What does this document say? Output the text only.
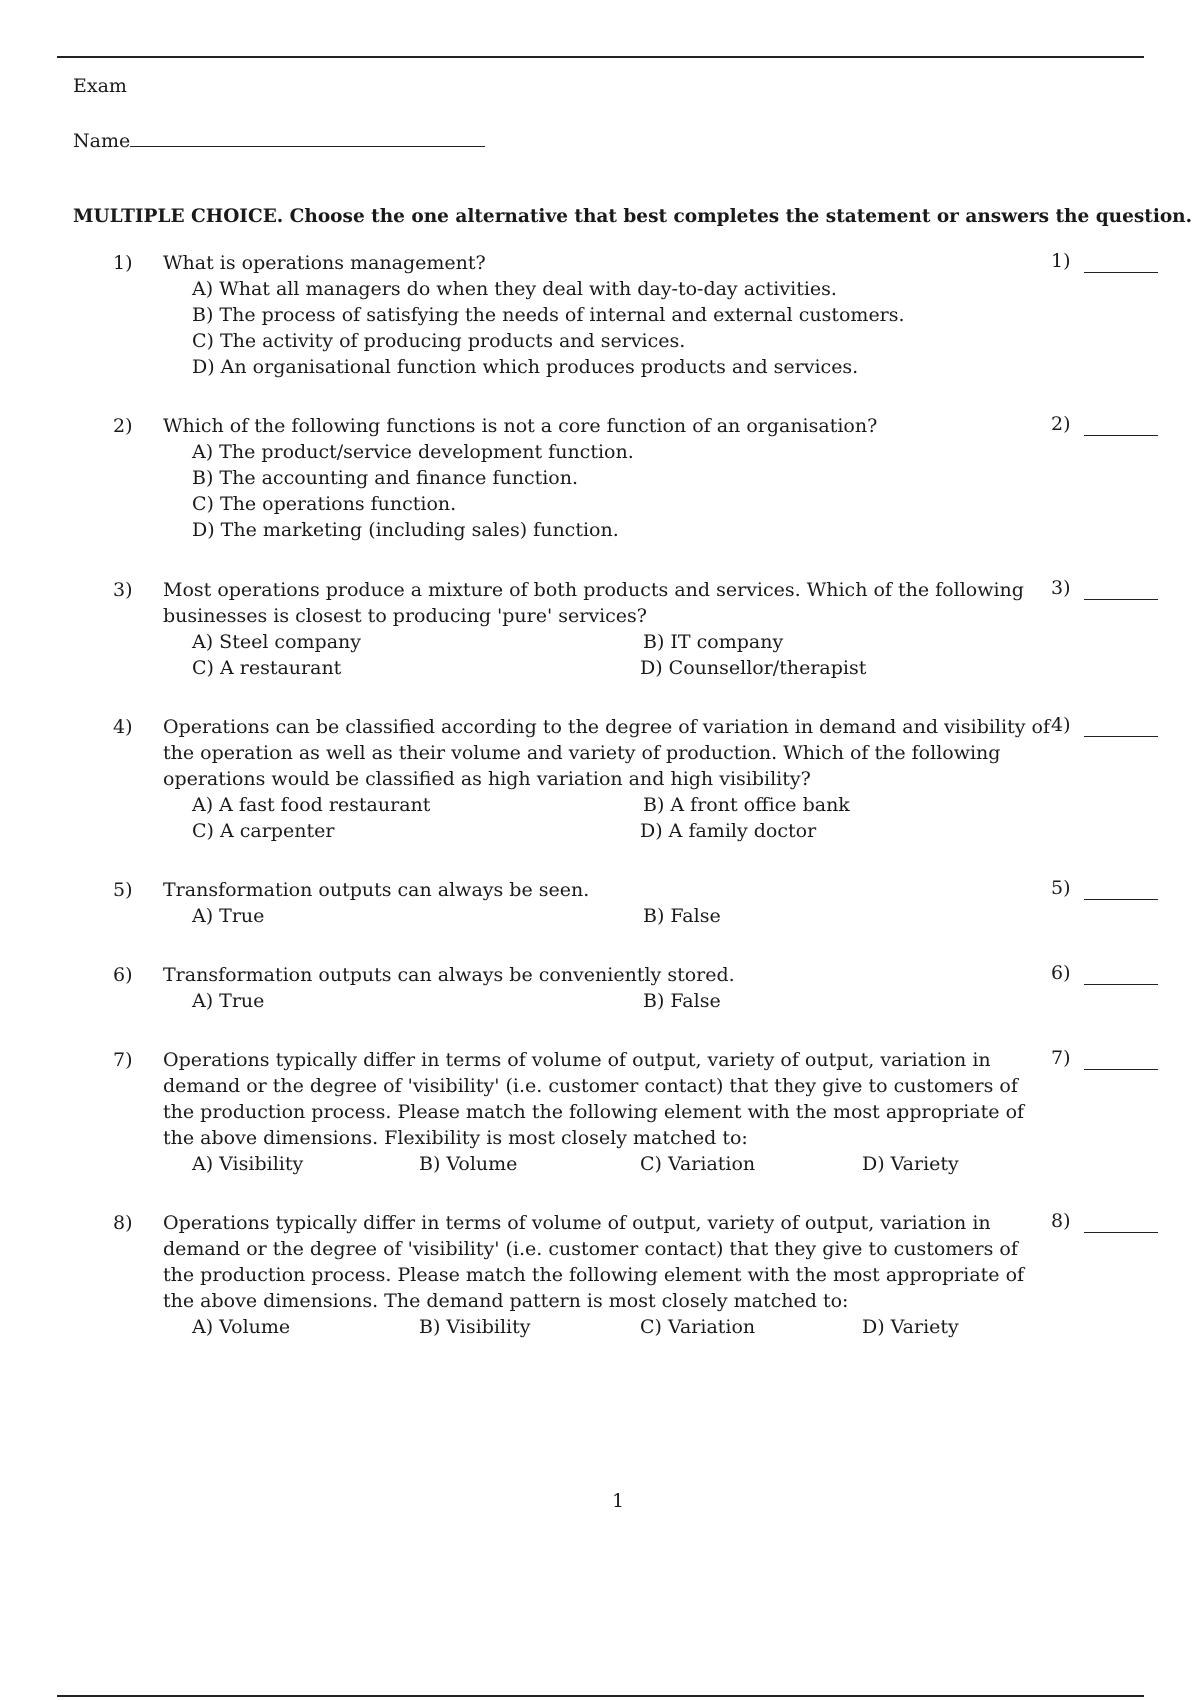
Exam
Name
MULTIPLE CHOICE. Choose the one alternative that best completes the statement or answers the question.
1) What is operations management?	1)
A) What all managers do when they deal with day-to-day activities.
B) The process of satisfying the needs of internal and external customers.
C) The activity of producing products and services.
D) An organisational function which produces products and services.
2) Which of the following functions is not a core function of an organisation?	2)
A) The product/service development function.
B) The accounting and finance function.
C) The operations function.
D) The marketing (including sales) function.
3) Most operations produce a mixture of both products and services. Which of the following businesses is closest to producing 'pure' services?
3)
A) Steel company	B) IT company
C) A restaurant	D) Counsellor/therapist
4) Operations can be classified according to the degree of variation in demand and visibility of the operation as well as their volume and variety of production. Which of the following operations would be classified as high variation and high visibility?
4)
A) A fast food restaurant	B) A front office bank
C) A carpenter	D) A family doctor
5) Transformation outputs can always be seen.	5)
A) True	B) False
6) Transformation outputs can always be conveniently stored.	6)
A) True	B) False
7) Operations typically differ in terms of volume of output, variety of output, variation in demand or the degree of 'visibility' (i.e. customer contact) that they give to customers of the production process. Please match the following element with the most appropriate of the above dimensions. Flexibility is most closely matched to:
7)
A) Visibility	B) Volume	C) Variation	D) Variety
8) Operations typically differ in terms of volume of output, variety of output, variation in demand or the degree of 'visibility' (i.e. customer contact) that they give to customers of the production process. Please match the following element with the most appropriate of the above dimensions. The demand pattern is most closely matched to:
8)
A) Volume	B) Visibility	C) Variation	D) Variety
1
